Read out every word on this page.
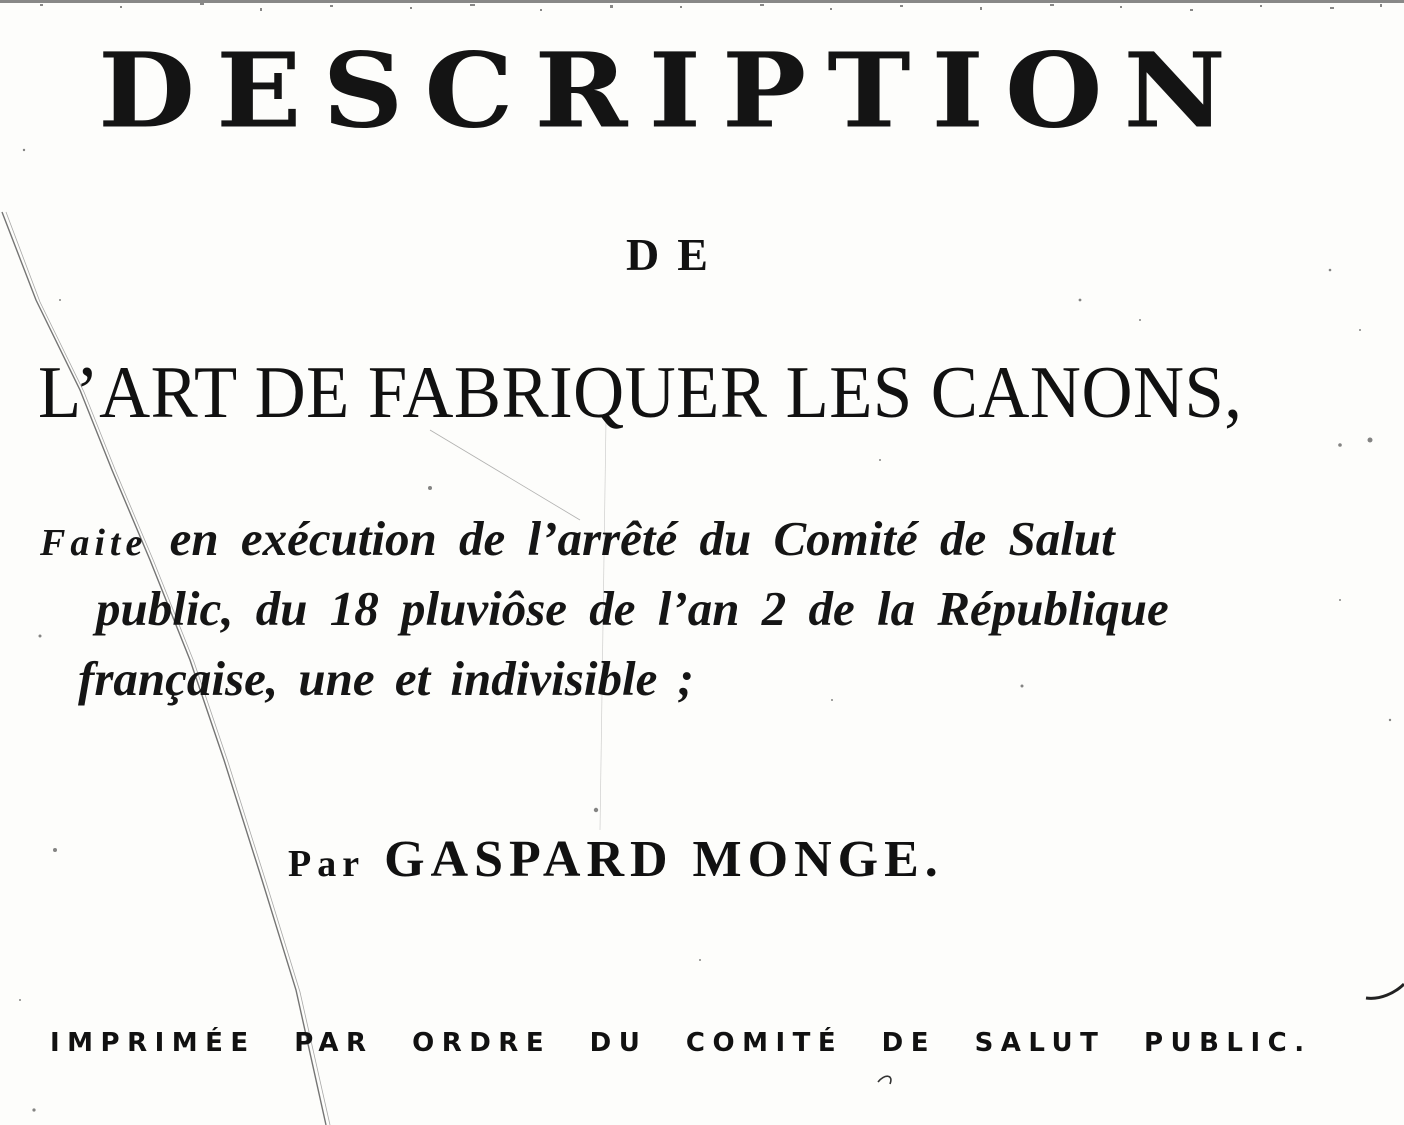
DESCRIPTION
DE
L’ART DE FABRIQUER LES CANONS,
Faite en exécution de l’arrêté du Comité de Salut
public, du 18 pluviôse de l’an 2 de la République
française, une et indivisible ;
Par GASPARD MONGE.
IMPRIMÉE PAR ORDRE DU COMITÉ DE SALUT PUBLIC.
